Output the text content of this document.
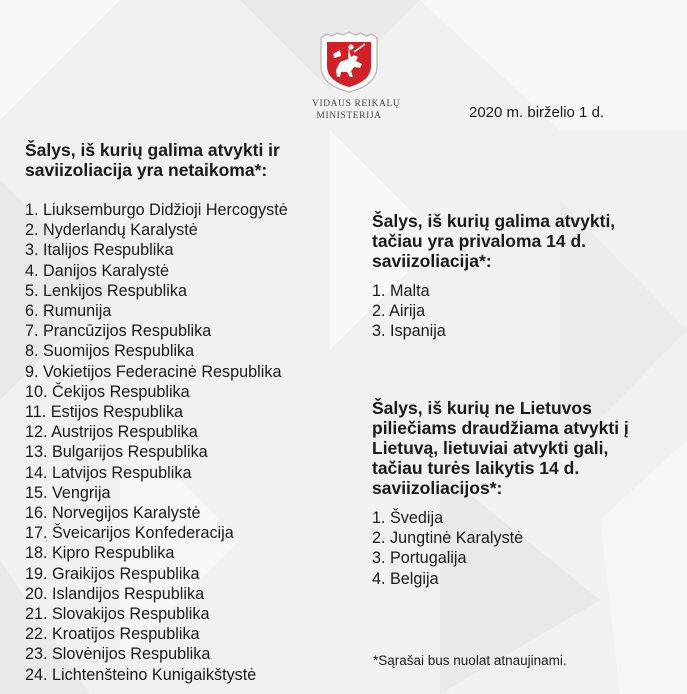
VIDAUS REIKALŲ
MINISTERIJA	2020 m. birželio 1 d.
Šalys, iš kurių galima atvykti ir
saviizoliacija yra netaikoma*:
1. Liuksemburgo Didžioji Hercogystė
2. Nyderlandų Karalystė
3. Italijos Respublika
4. Danijos Karalystė
5. Lenkijos Respublika
6. Rumunija
7. Prancūzijos Respublika
8. Suomijos Respublika
9. Vokietijos Federacinė Respublika
10. Čekijos Respublika
11. Estijos Respublika
12. Austrijos Respublika
13. Bulgarijos Respublika
14. Latvijos Respublika
15. Vengrija
16. Norvegijos Karalystė
17. Šveicarijos Konfederacija
18. Kipro Respublika
19. Graikijos Respublika
20. Islandijos Respublika
21. Slovakijos Respublika
22. Kroatijos Respublika
23. Slovėnijos Respublika
24. Lichtenšteino Kunigaikštystė
Šalys, iš kurių galima atvykti,
tačiau yra privaloma 14 d.
saviizoliacija*:
1. Malta
2. Airija
3. Ispanija
Šalys, iš kurių ne Lietuvos
piliečiams draudžiama atvykti į
Lietuvą, lietuviai atvykti gali,
tačiau turės laikytis 14 d.
saviizoliacijos*:
1. Švedija
2. Jungtinė Karalystė
3. Portugalija
4. Belgija
*Sąrašai bus nuolat atnaujinami.
